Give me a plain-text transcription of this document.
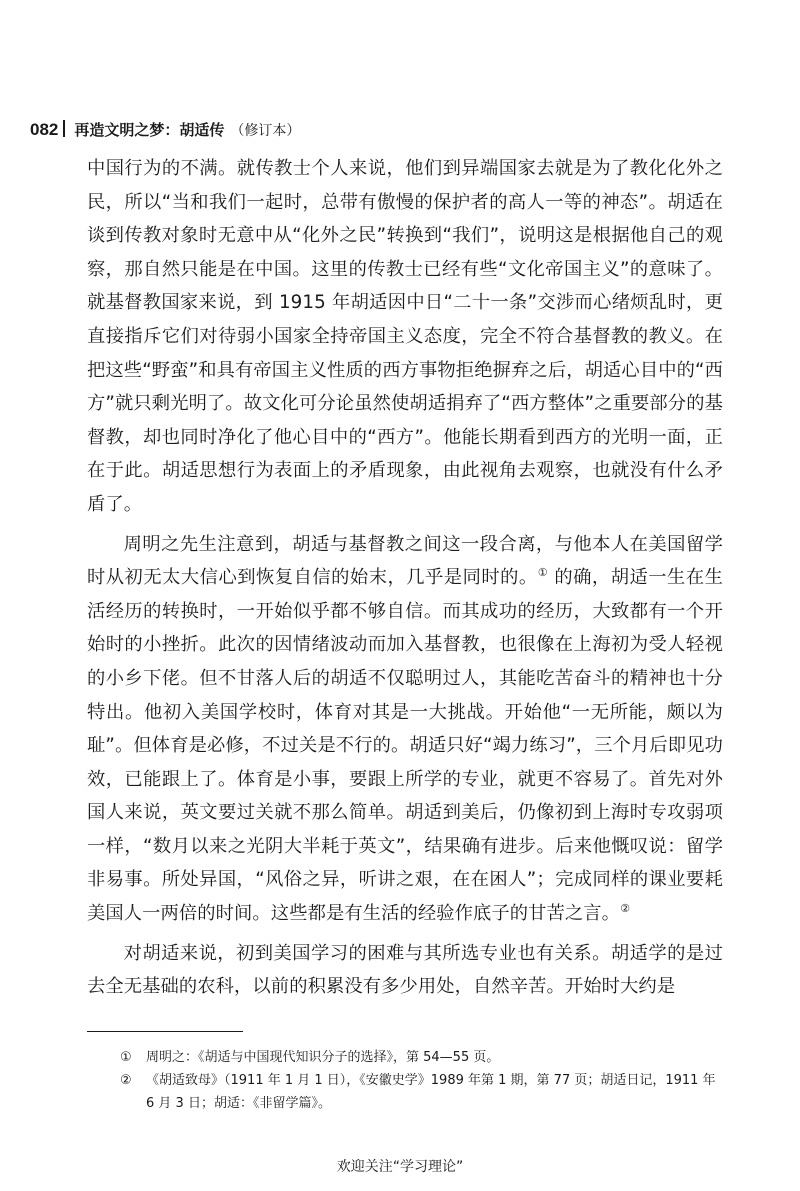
082 再造文明之梦：胡适传 （修订本）

中国行为的不满。就传教士个人来说，他们到异端国家去就是为了教化化外之民，所以“当和我们一起时，总带有傲慢的保护者的高人一等的神态”。胡适在谈到传教对象时无意中从“化外之民”转换到“我们”，说明这是根据他自己的观察，那自然只能是在中国。这里的传教士已经有些“文化帝国主义”的意味了。就基督教国家来说，到 1915 年胡适因中日“二十一条”交涉而心绪烦乱时，更直接指斥它们对待弱小国家全持帝国主义态度，完全不符合基督教的教义。在把这些“野蛮”和具有帝国主义性质的西方事物拒绝摒弃之后，胡适心目中的“西方”就只剩光明了。故文化可分论虽然使胡适捐弃了“西方整体”之重要部分的基督教，却也同时净化了他心目中的“西方”。他能长期看到西方的光明一面，正在于此。胡适思想行为表面上的矛盾现象，由此视角去观察，也就没有什么矛盾了。

周明之先生注意到，胡适与基督教之间这一段合离，与他本人在美国留学时从初无太大信心到恢复自信的始末，几乎是同时的。① 的确，胡适一生在生活经历的转换时，一开始似乎都不够自信。而其成功的经历，大致都有一个开始时的小挫折。此次的因情绪波动而加入基督教，也很像在上海初为受人轻视的小乡下佬。但不甘落人后的胡适不仅聪明过人，其能吃苦奋斗的精神也十分特出。他初入美国学校时，体育对其是一大挑战。开始他“一无所能，颇以为耻”。但体育是必修，不过关是不行的。胡适只好“竭力练习”，三个月后即见功效，已能跟上了。体育是小事，要跟上所学的专业，就更不容易了。首先对外国人来说，英文要过关就不那么简单。胡适到美后，仍像初到上海时专攻弱项一样，“数月以来之光阴大半耗于英文”，结果确有进步。后来他慨叹说：留学非易事。所处异国，“风俗之异，听讲之艰，在在困人”；完成同样的课业要耗美国人一两倍的时间。这些都是有生活的经验作底子的甘苦之言。②

对胡适来说，初到美国学习的困难与其所选专业也有关系。胡适学的是过去全无基础的农科，以前的积累没有多少用处，自然辛苦。开始时大约是

① 周明之：《胡适与中国现代知识分子的选择》，第 54—55 页。
② 《胡适致母》（1911 年 1 月 1 日），《安徽史学》1989 年第 1 期，第 77 页；胡适日记，1911 年 6 月 3 日；胡适：《非留学篇》。
欢迎关注“学习理论”
